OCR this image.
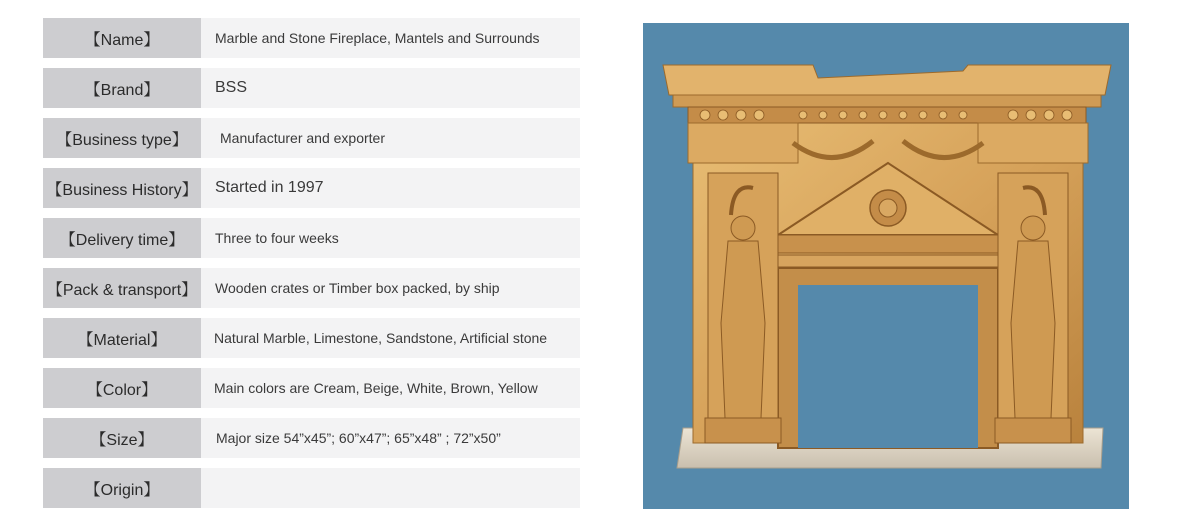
【Name】	Marble and Stone Fireplace, Mantels and Surrounds
【Brand】	BSS
【Business type】	Manufacturer and exporter
【Business History】	Started in 1997
【Delivery time】	Three to four weeks
【Pack & transport】	Wooden crates or Timber box packed, by ship
【Material】	Natural Marble, Limestone, Sandstone, Artificial stone
【Color】	Main colors are Cream, Beige, White, Brown, Yellow
【Size】	Major size 54”x45”; 60”x47”; 65”x48” ; 72”x50”
【Origin】
